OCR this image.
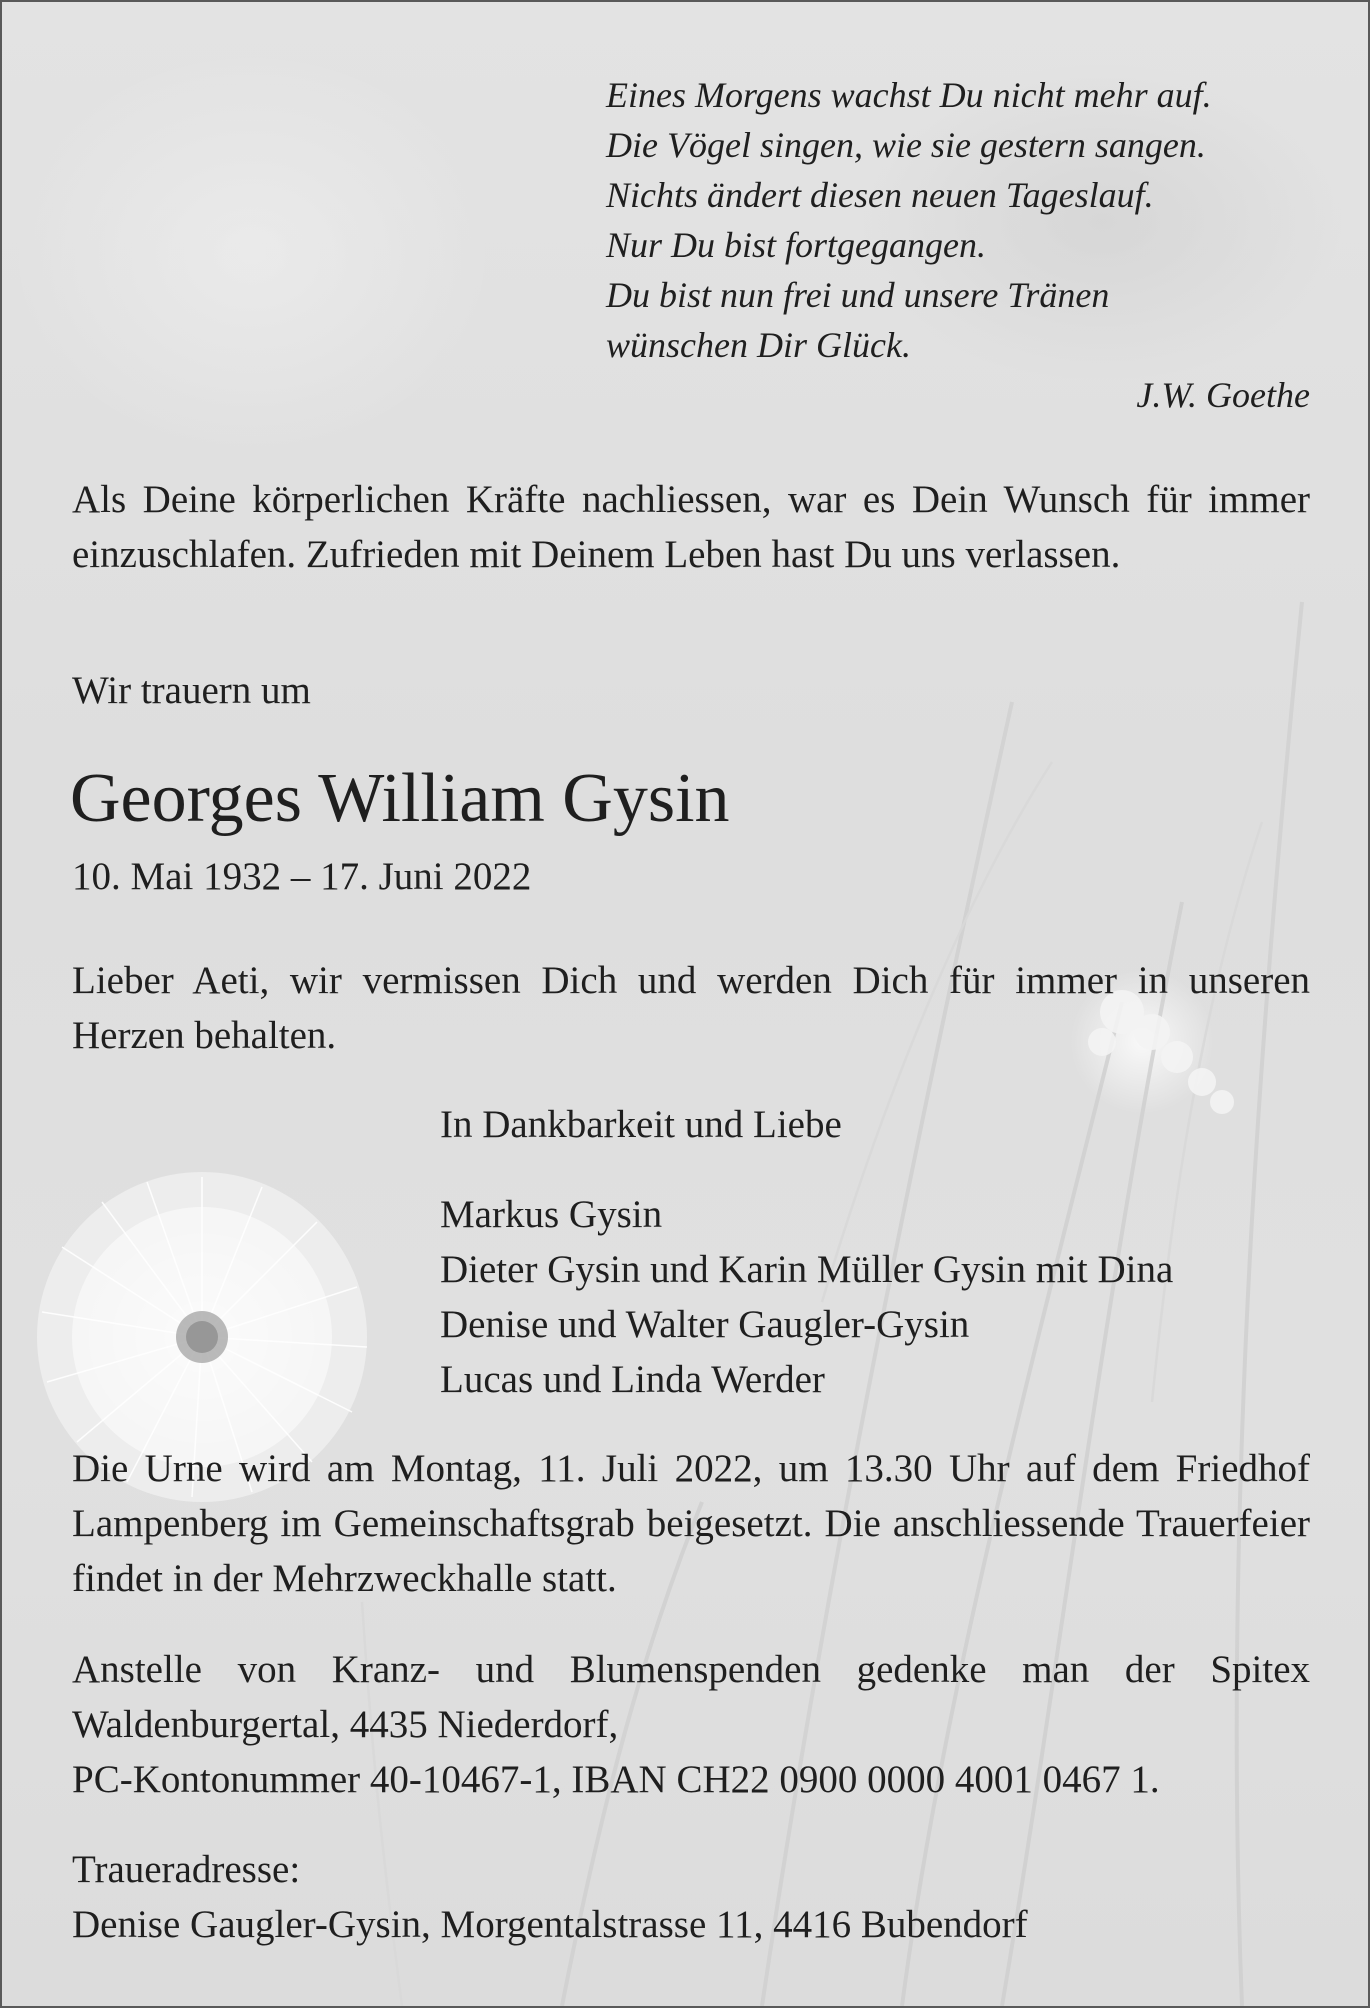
Eines Morgens wachst Du nicht mehr auf.
Die Vögel singen, wie sie gestern sangen.
Nichts ändert diesen neuen Tageslauf.
Nur Du bist fortgegangen.
Du bist nun frei und unsere Tränen
wünschen Dir Glück.
J.W. Goethe
Als Deine körperlichen Kräfte nachliessen, war es Dein Wunsch für immer einzuschlafen. Zufrieden mit Deinem Leben hast Du uns verlassen.
Wir trauern um
Georges William Gysin
10. Mai 1932 – 17. Juni 2022
Lieber Aeti, wir vermissen Dich und werden Dich für immer in unseren Herzen behalten.
In Dankbarkeit und Liebe
Markus Gysin
Dieter Gysin und Karin Müller Gysin mit Dina
Denise und Walter Gaugler-Gysin
Lucas und Linda Werder
Die Urne wird am Montag, 11. Juli 2022, um 13.30 Uhr auf dem Friedhof Lampenberg im Gemeinschaftsgrab beigesetzt. Die anschliessende Trauerfeier findet in der Mehrzweckhalle statt.
Anstelle von Kranz- und Blumenspenden gedenke man der Spitex Waldenburgertal, 4435 Niederdorf,
PC-Kontonummer 40-10467-1, IBAN CH22 0900 0000 4001 0467 1.
Traueradresse:
Denise Gaugler-Gysin, Morgentalstrasse 11, 4416 Bubendorf
